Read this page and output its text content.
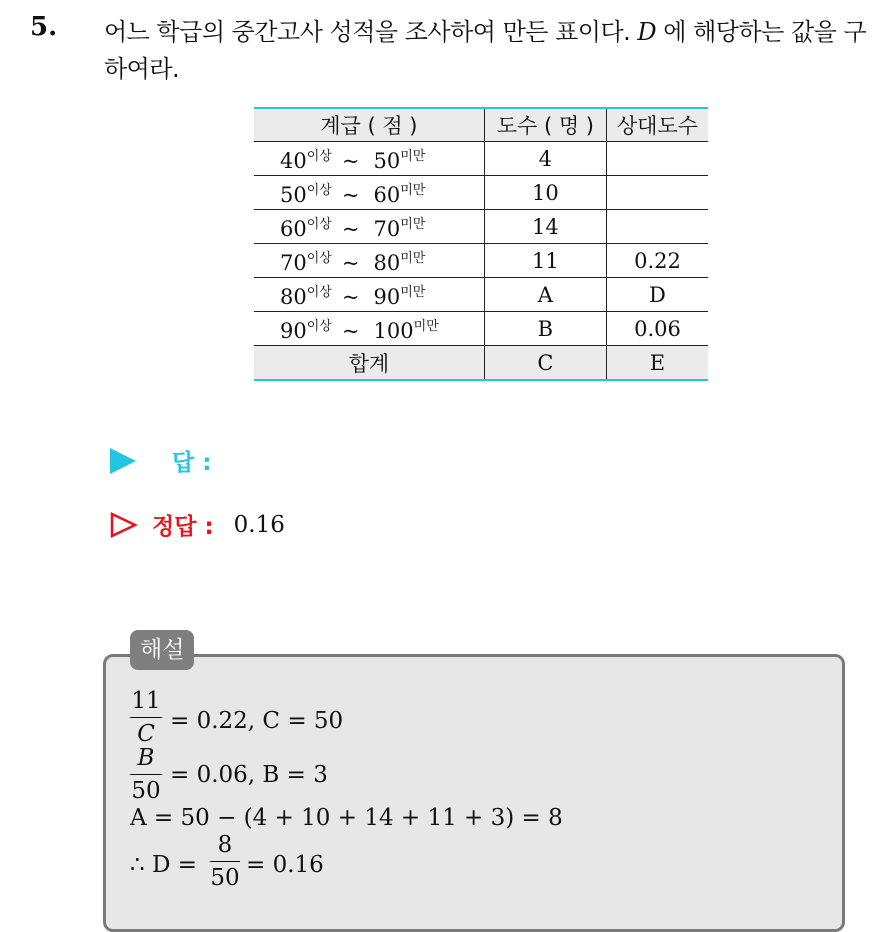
5. 어느 학급의 중간고사 성적을 조사하여 만든 표이다. D 에 해당하는 값을 구하여라.
계급 ( 점 )	도수 ( 명 )	상대도수
$40^{이상}$ ~ $50^{미만}$	4	
$50^{이상}$ ~ $60^{미만}$	10	
$60^{이상}$ ~ $70^{미만}$	14	
$70^{이상}$ ~ $80^{미만}$	11	0.22
$80^{이상}$ ~ $90^{미만}$	A	D
$90^{이상}$ ~ $100^{미만}$	B	0.06
합계	C	E
답 :
정답 : 0.16
해설
11
C = 0.22, C = 50
B
50
= 0.06, B = 3
A = 50 − (4 + 10 + 14 + 11 + 3) = 8
∴ D =
8
50 = 0.16
